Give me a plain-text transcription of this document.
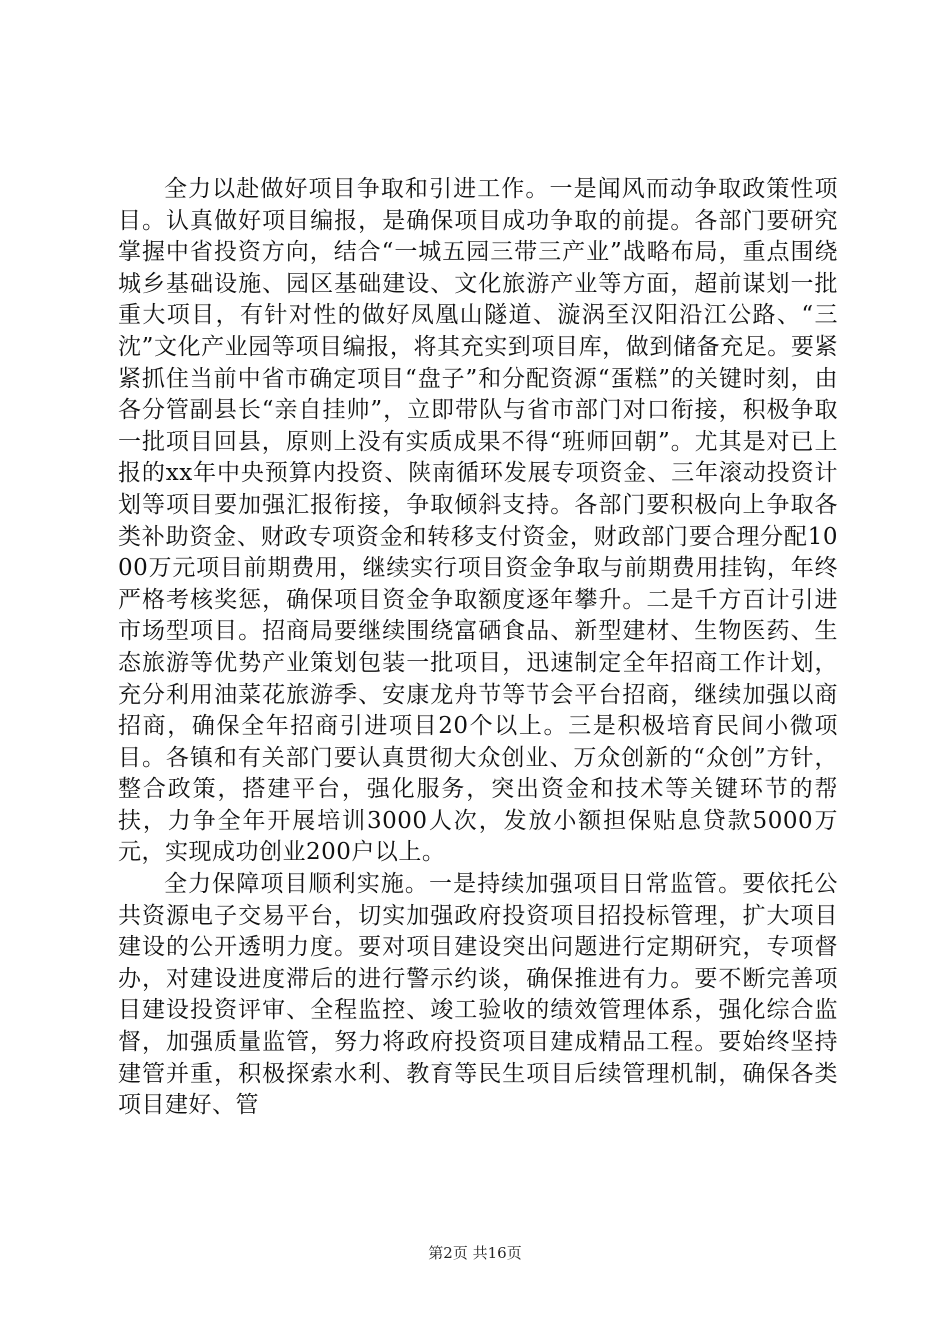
全力以赴做好项目争取和引进工作。一是闻风而动争取政策性项目。认真做好项目编报，是确保项目成功争取的前提。各部门要研究掌握中省投资方向，结合“一城五园三带三产业”战略布局，重点围绕城乡基础设施、园区基础建设、文化旅游产业等方面，超前谋划一批重大项目，有针对性的做好凤凰山隧道、漩涡至汉阳沿江公路、“三沈”文化产业园等项目编报，将其充实到项目库，做到储备充足。要紧紧抓住当前中省市确定项目“盘子”和分配资源“蛋糕”的关键时刻，由各分管副县长“亲自挂帅”，立即带队与省市部门对口衔接，积极争取一批项目回县，原则上没有实质成果不得“班师回朝”。尤其是对已上报的xx年中央预算内投资、陕南循环发展专项资金、三年滚动投资计划等项目要加强汇报衔接，争取倾斜支持。各部门要积极向上争取各类补助资金、财政专项资金和转移支付资金，财政部门要合理分配1000万元项目前期费用，继续实行项目资金争取与前期费用挂钩，年终严格考核奖惩，确保项目资金争取额度逐年攀升。二是千方百计引进市场型项目。招商局要继续围绕富硒食品、新型建材、生物医药、生态旅游等优势产业策划包装一批项目，迅速制定全年招商工作计划，充分利用油菜花旅游季、安康龙舟节等节会平台招商，继续加强以商招商，确保全年招商引进项目20个以上。三是积极培育民间小微项目。各镇和有关部门要认真贯彻大众创业、万众创新的“众创”方针，整合政策，搭建平台，强化服务，突出资金和技术等关键环节的帮扶，力争全年开展培训3000人次，发放小额担保贴息贷款5000万元，实现成功创业200户以上。

全力保障项目顺利实施。一是持续加强项目日常监管。要依托公共资源电子交易平台，切实加强政府投资项目招投标管理，扩大项目建设的公开透明力度。要对项目建设突出问题进行定期研究，专项督办，对建设进度滞后的进行警示约谈，确保推进有力。要不断完善项目建设投资评审、全程监控、竣工验收的绩效管理体系，强化综合监督，加强质量监管，努力将政府投资项目建成精品工程。要始终坚持建管并重，积极探索水利、教育等民生项目后续管理机制，确保各类项目建好、管

第2页 共16页
